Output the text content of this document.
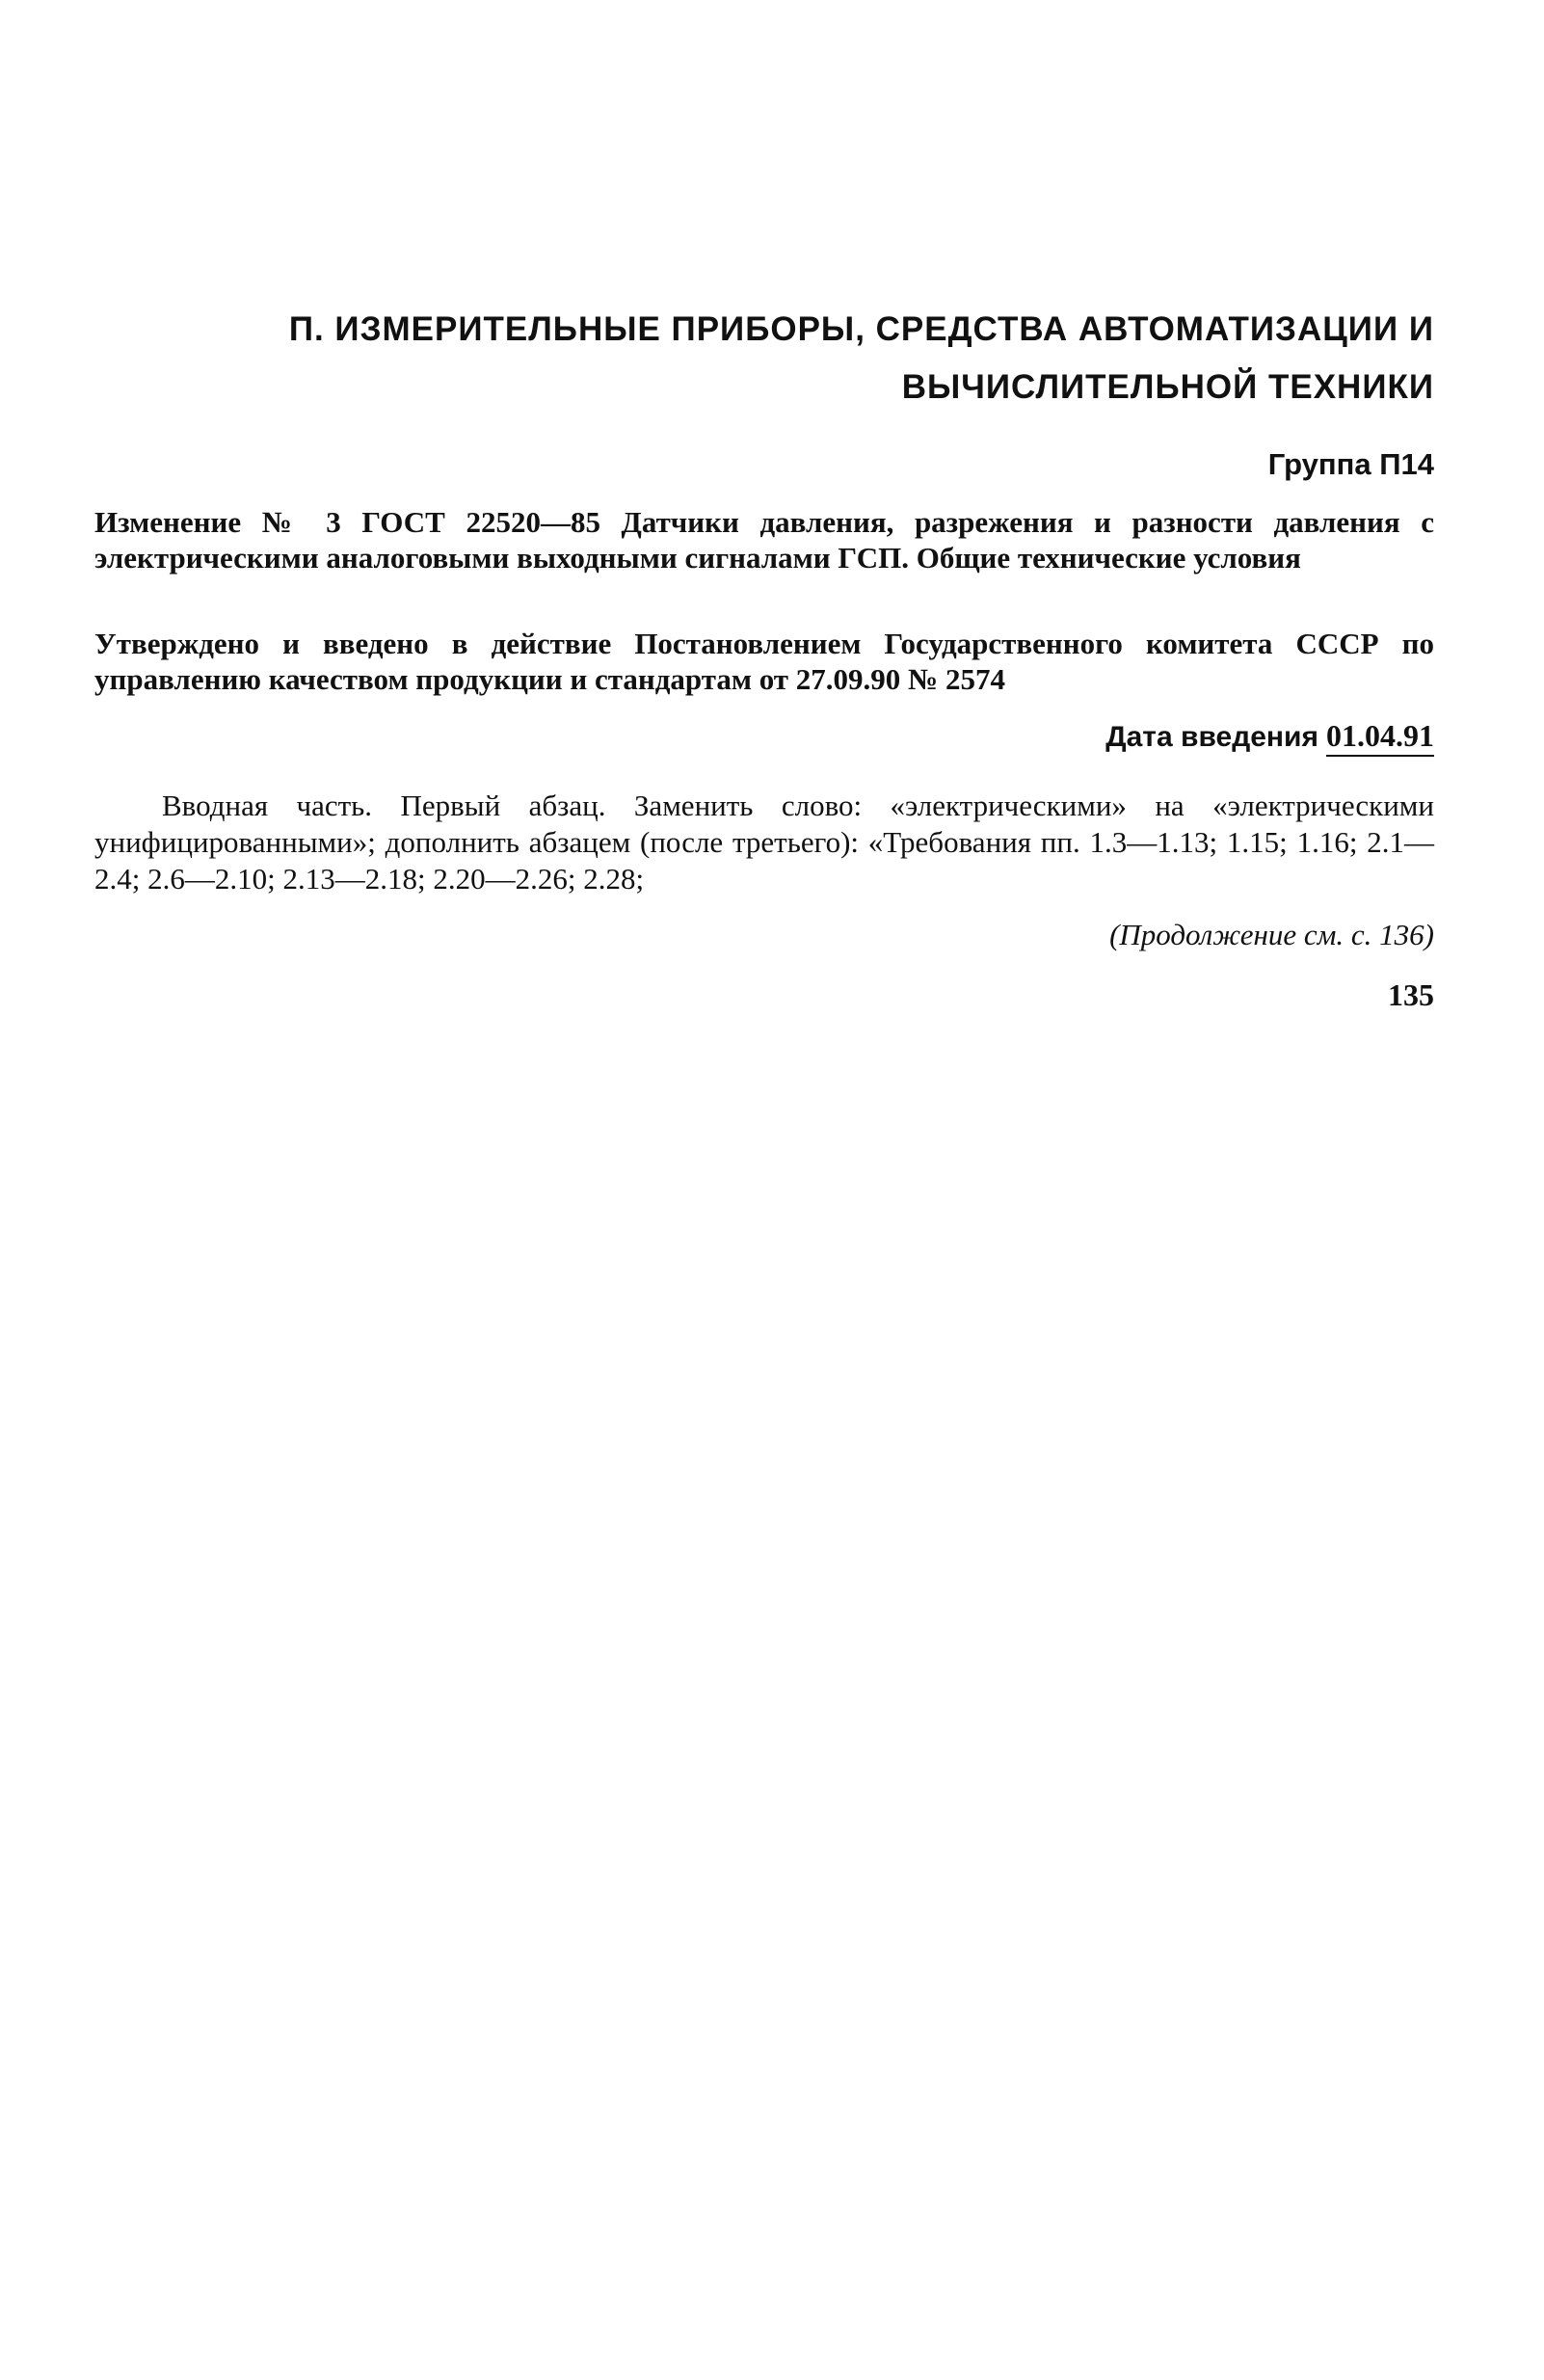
П. ИЗМЕРИТЕЛЬНЫЕ ПРИБОРЫ, СРЕДСТВА АВТОМАТИЗАЦИИ И
ВЫЧИСЛИТЕЛЬНОЙ ТЕХНИКИ
Группа П14
Изменение № 3 ГОСТ 22520—85 Датчики давления, разрежения и разности давления с электрическими аналоговыми выходными сигналами ГСП. Общие технические условия
Утверждено и введено в действие Постановлением Государственного комитета СССР по управлению качеством продукции и стандартам от 27.09.90 № 2574
Дата введения 01.04.91
Вводная часть. Первый абзац. Заменить слово: «электрическими» на «электрическими унифицированными»; дополнить абзацем (после третьего): «Требования пп. 1.3—1.13; 1.15; 1.16; 2.1—2.4; 2.6—2.10; 2.13—2.18; 2.20—2.26; 2.28;
(Продолжение см. с. 136)
135
